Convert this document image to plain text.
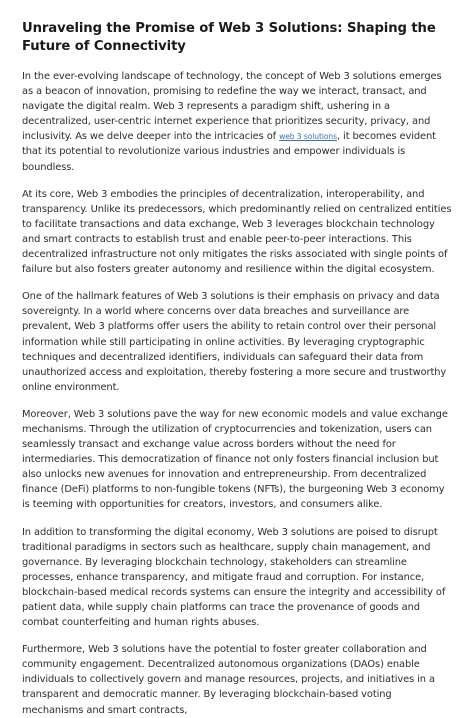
Unraveling the Promise of Web 3 Solutions: Shaping the Future of Connectivity

In the ever-evolving landscape of technology, the concept of Web 3 solutions emerges as a beacon of innovation, promising to redefine the way we interact, transact, and navigate the digital realm. Web 3 represents a paradigm shift, ushering in a decentralized, user-centric internet experience that prioritizes security, privacy, and inclusivity. As we delve deeper into the intricacies of web 3 solutions, it becomes evident that its potential to revolutionize various industries and empower individuals is boundless.

At its core, Web 3 embodies the principles of decentralization, interoperability, and transparency. Unlike its predecessors, which predominantly relied on centralized entities to facilitate transactions and data exchange, Web 3 leverages blockchain technology and smart contracts to establish trust and enable peer-to-peer interactions. This decentralized infrastructure not only mitigates the risks associated with single points of failure but also fosters greater autonomy and resilience within the digital ecosystem.

One of the hallmark features of Web 3 solutions is their emphasis on privacy and data sovereignty. In a world where concerns over data breaches and surveillance are prevalent, Web 3 platforms offer users the ability to retain control over their personal information while still participating in online activities. By leveraging cryptographic techniques and decentralized identifiers, individuals can safeguard their data from unauthorized access and exploitation, thereby fostering a more secure and trustworthy online environment.

Moreover, Web 3 solutions pave the way for new economic models and value exchange mechanisms. Through the utilization of cryptocurrencies and tokenization, users can seamlessly transact and exchange value across borders without the need for intermediaries. This democratization of finance not only fosters financial inclusion but also unlocks new avenues for innovation and entrepreneurship. From decentralized finance (DeFi) platforms to non-fungible tokens (NFTs), the burgeoning Web 3 economy is teeming with opportunities for creators, investors, and consumers alike.

In addition to transforming the digital economy, Web 3 solutions are poised to disrupt traditional paradigms in sectors such as healthcare, supply chain management, and governance. By leveraging blockchain technology, stakeholders can streamline processes, enhance transparency, and mitigate fraud and corruption. For instance, blockchain-based medical records systems can ensure the integrity and accessibility of patient data, while supply chain platforms can trace the provenance of goods and combat counterfeiting and human rights abuses.

Furthermore, Web 3 solutions have the potential to foster greater collaboration and community engagement. Decentralized autonomous organizations (DAOs) enable individuals to collectively govern and manage resources, projects, and initiatives in a transparent and democratic manner. By leveraging blockchain-based voting mechanisms and smart contracts,
